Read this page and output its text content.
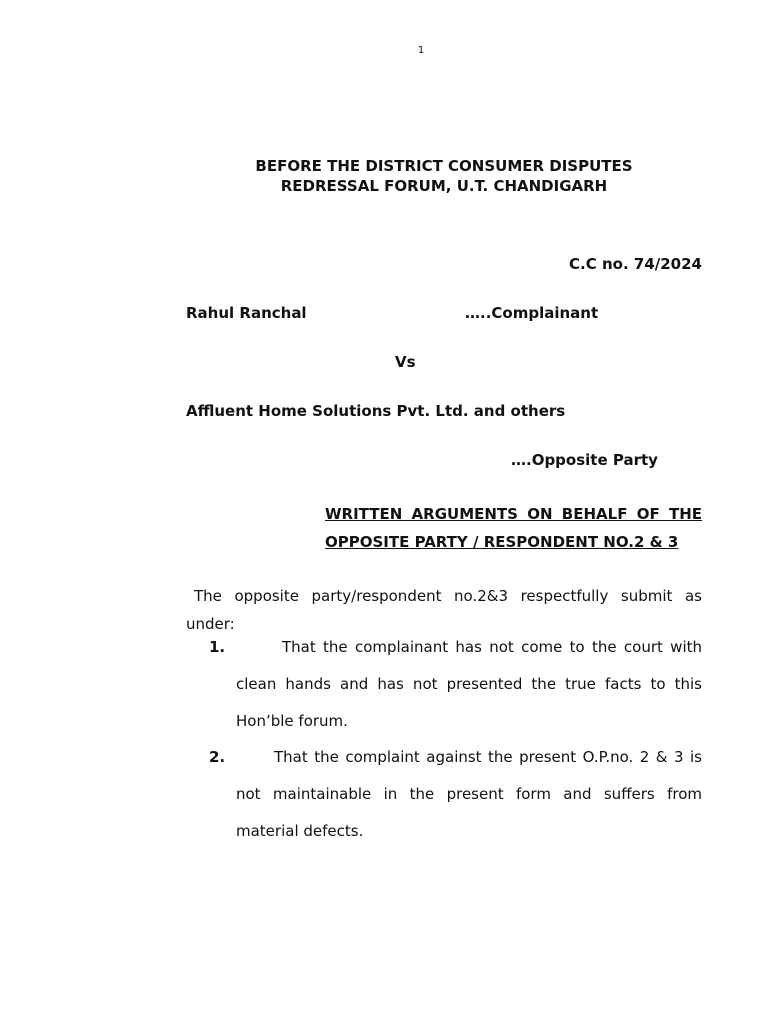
1
BEFORE THE DISTRICT CONSUMER DISPUTES
REDRESSAL FORUM, U.T. CHANDIGARH
C.C no. 74/2024
Rahul Ranchal	…..Complainant
Vs
Affluent Home Solutions Pvt. Ltd. and others
….Opposite Party
WRITTEN ARGUMENTS ON BEHALF OF THE OPPOSITE PARTY / RESPONDENT NO.2 & 3
The opposite party/respondent no.2&3 respectfully submit as under:
1.	That the complainant has not come to the court with clean hands and has not presented the true facts to this Hon’ble forum.
2.	That the complaint against the present O.P.no. 2 & 3 is not maintainable in the present form and suffers from material defects.
